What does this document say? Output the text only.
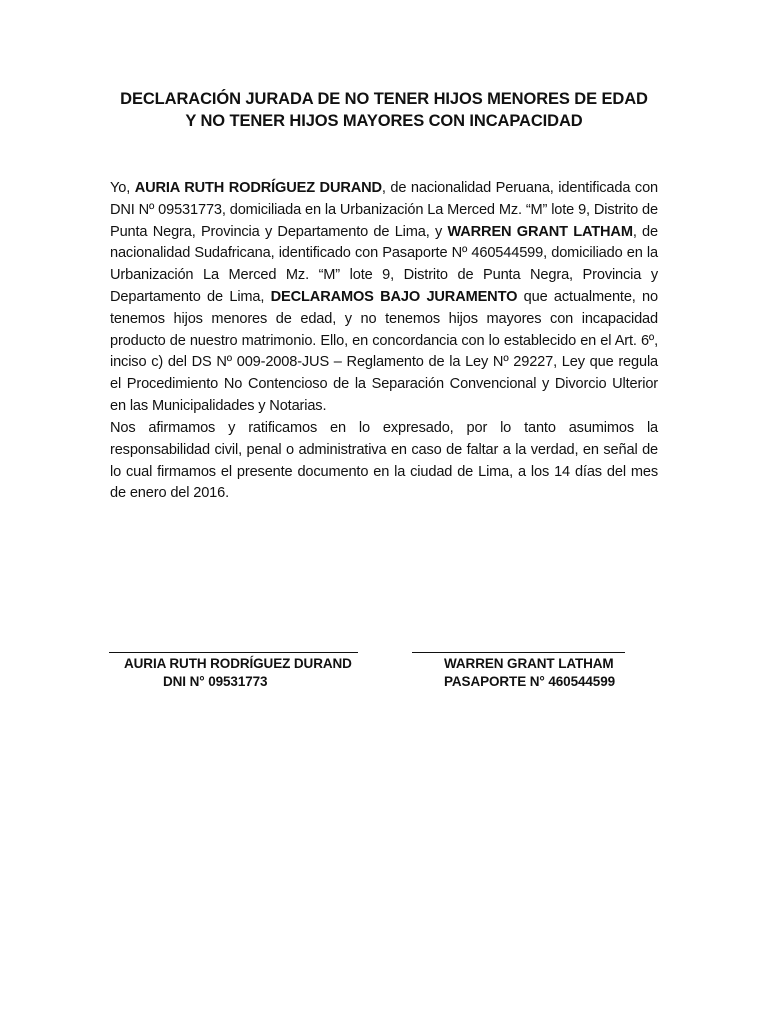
DECLARACIÓN JURADA DE NO TENER HIJOS MENORES DE EDAD
Y NO TENER HIJOS MAYORES CON INCAPACIDAD
Yo, AURIA RUTH RODRÍGUEZ DURAND, de nacionalidad Peruana, identificada con DNI Nº 09531773, domiciliada en la Urbanización La Merced Mz. “M” lote 9, Distrito de Punta Negra, Provincia y Departamento de Lima, y WARREN GRANT LATHAM, de nacionalidad Sudafricana, identificado con Pasaporte Nº 460544599, domiciliado en la Urbanización La Merced Mz. “M” lote 9, Distrito de Punta Negra, Provincia y Departamento de Lima, DECLARAMOS BAJO JURAMENTO que actualmente, no tenemos hijos menores de edad, y no tenemos hijos mayores con incapacidad producto de nuestro matrimonio. Ello, en concordancia con lo establecido en el Art. 6º, inciso c) del DS Nº 009-2008-JUS – Reglamento de la Ley Nº 29227, Ley que regula el Procedimiento No Contencioso de la Separación Convencional y Divorcio Ulterior en las Municipalidades y Notarias.
Nos afirmamos y ratificamos en lo expresado, por lo tanto asumimos la responsabilidad civil, penal o administrativa en caso de faltar a la verdad, en señal de lo cual firmamos el presente documento en la ciudad de Lima, a los 14 días del mes de enero del 2016.
AURIA RUTH RODRÍGUEZ DURAND
DNI N° 09531773
WARREN GRANT LATHAM
PASAPORTE N° 460544599
